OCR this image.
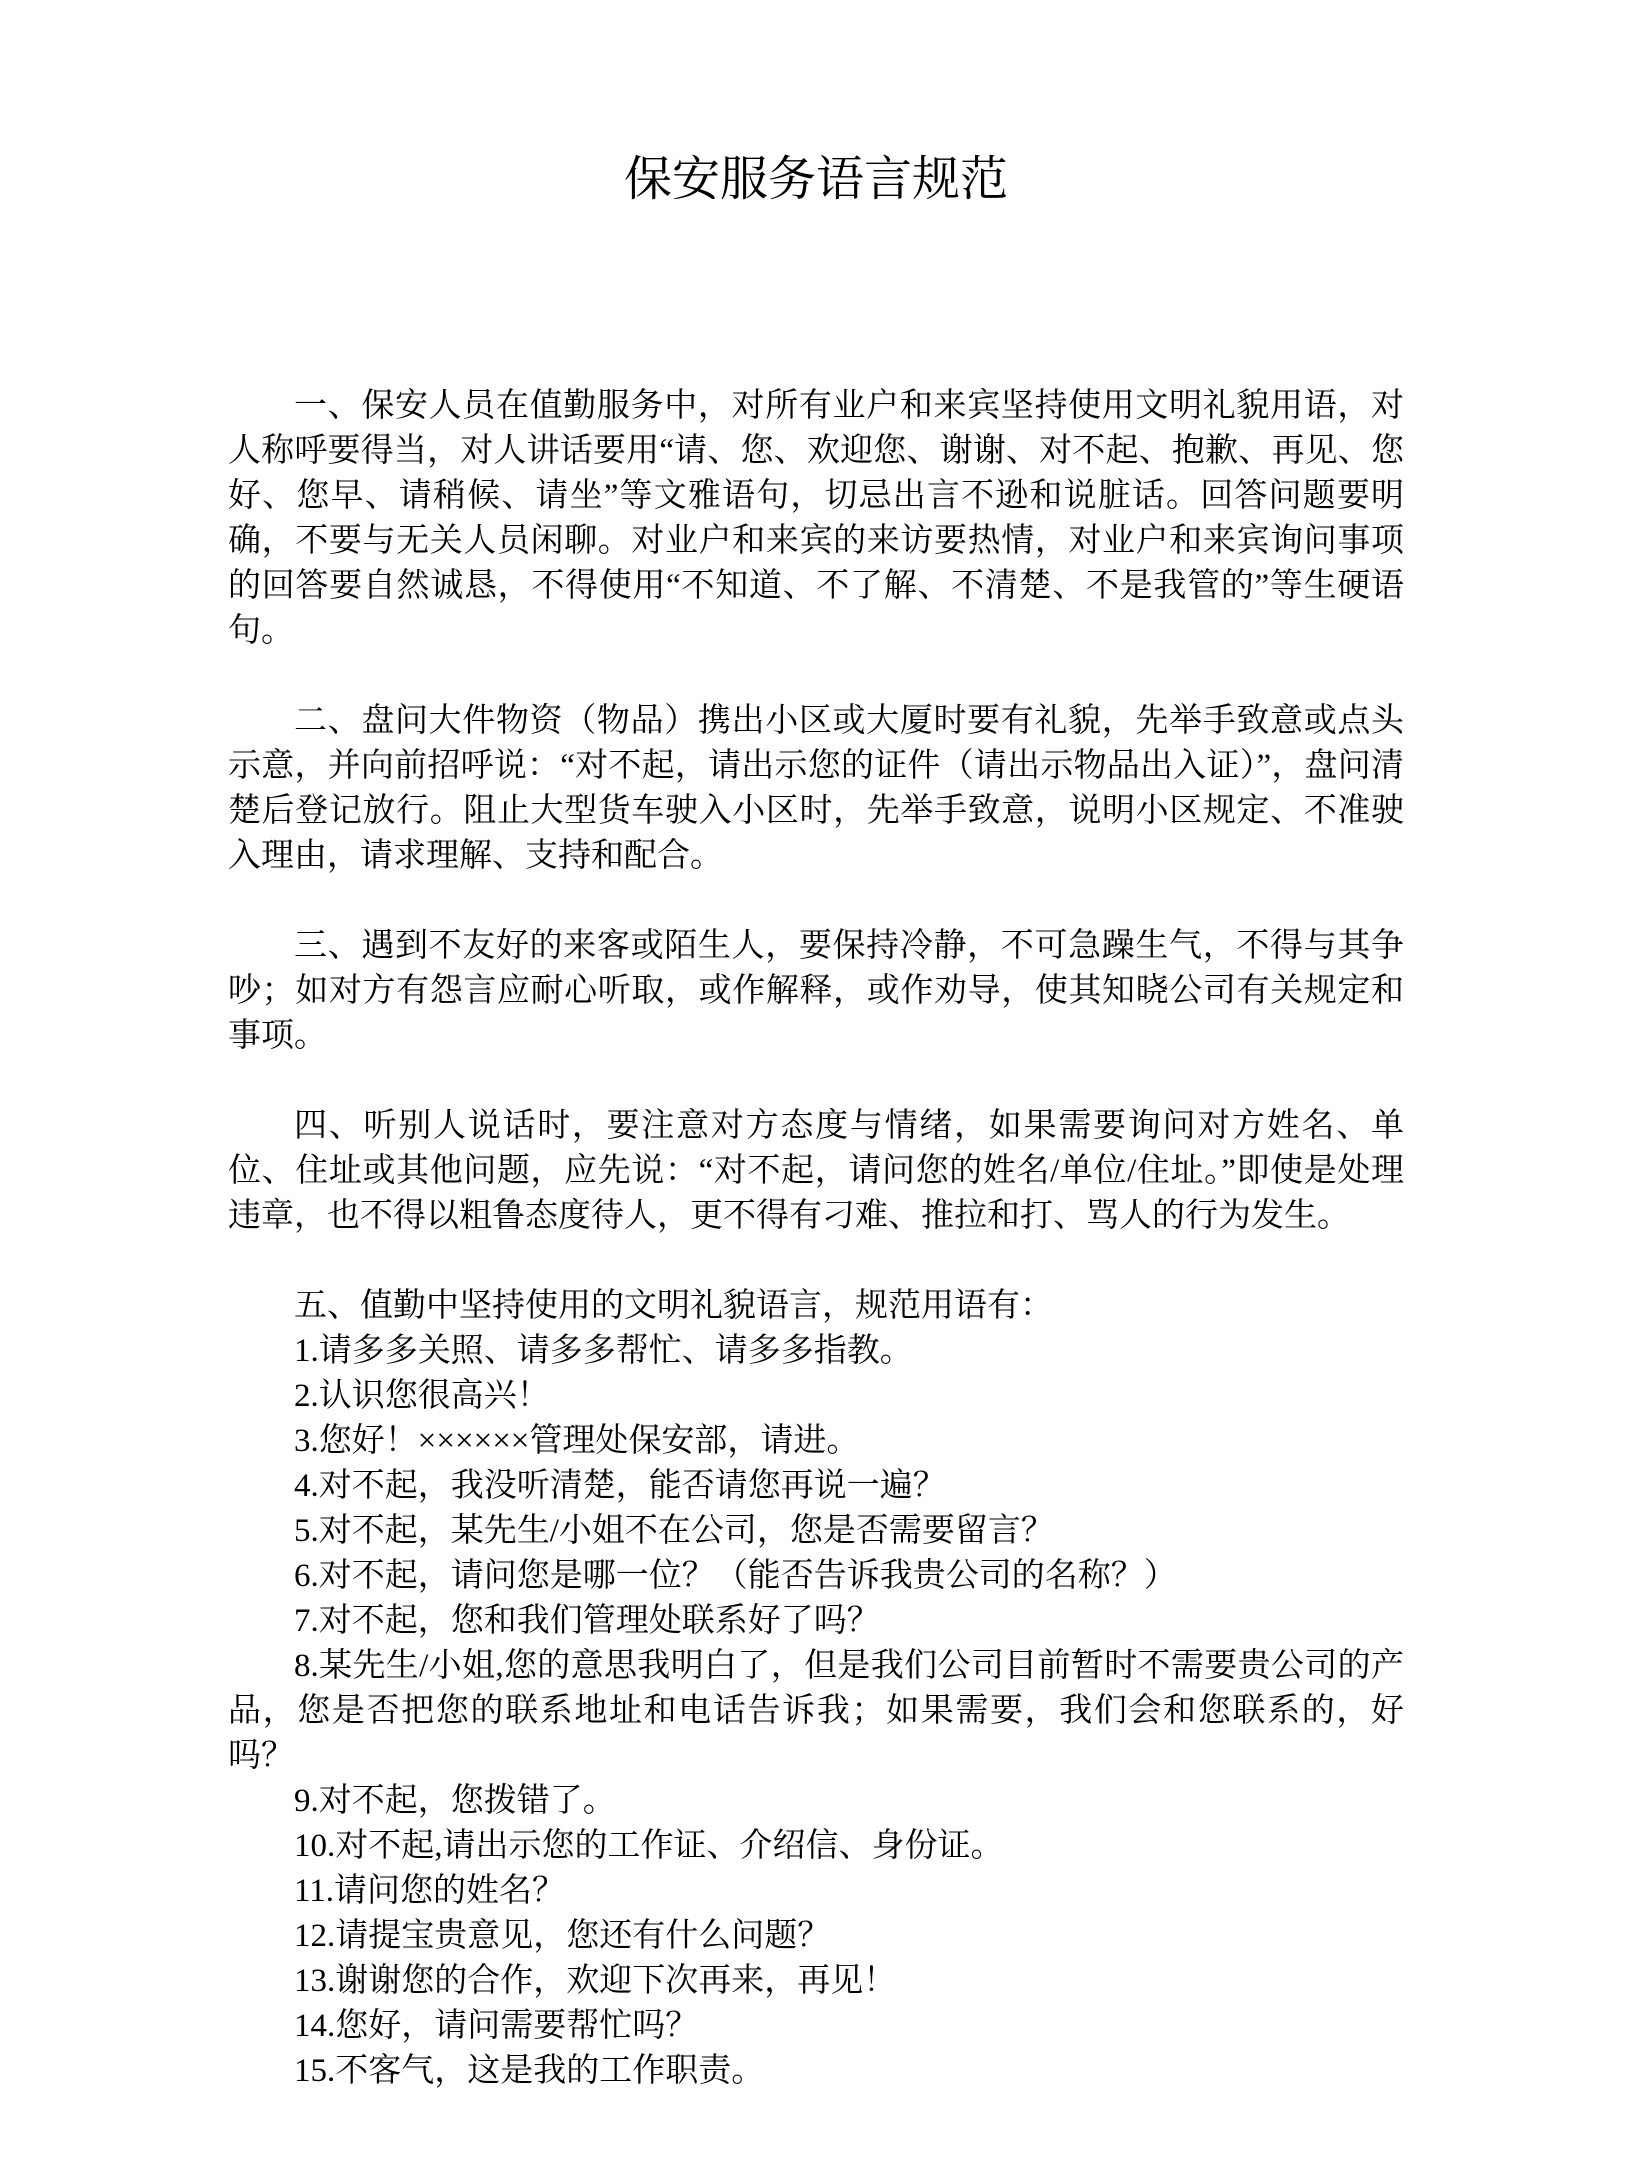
保安服务语言规范

一、保安人员在值勤服务中，对所有业户和来宾坚持使用文明礼貌用语，对人称呼要得当，对人讲话要用“请、您、欢迎您、谢谢、对不起、抱歉、再见、您好、您早、请稍候、请坐”等文雅语句，切忌出言不逊和说脏话。回答问题要明确，不要与无关人员闲聊。对业户和来宾的来访要热情，对业户和来宾询问事项的回答要自然诚恳，不得使用“不知道、不了解、不清楚、不是我管的”等生硬语句。

二、盘问大件物资（物品）携出小区或大厦时要有礼貌，先举手致意或点头示意，并向前招呼说：“对不起，请出示您的证件（请出示物品出入证）”，盘问清楚后登记放行。阻止大型货车驶入小区时，先举手致意，说明小区规定、不准驶入理由，请求理解、支持和配合。

三、遇到不友好的来客或陌生人，要保持冷静，不可急躁生气，不得与其争吵；如对方有怨言应耐心听取，或作解释，或作劝导，使其知晓公司有关规定和事项。

四、听别人说话时，要注意对方态度与情绪，如果需要询问对方姓名、单位、住址或其他问题，应先说：“对不起，请问您的姓名/单位/住址。”即使是处理违章，也不得以粗鲁态度待人，更不得有刁难、推拉和打、骂人的行为发生。

五、值勤中坚持使用的文明礼貌语言，规范用语有：

1.请多多关照、请多多帮忙、请多多指教。

2.认识您很高兴！

3.您好！××××××管理处保安部，请进。

4.对不起，我没听清楚，能否请您再说一遍？

5.对不起，某先生/小姐不在公司，您是否需要留言？

6.对不起，请问您是哪一位？（能否告诉我贵公司的名称？）

7.对不起，您和我们管理处联系好了吗？

8.某先生/小姐,您的意思我明白了，但是我们公司目前暂时不需要贵公司的产品，您是否把您的联系地址和电话告诉我；如果需要，我们会和您联系的，好吗？

9.对不起，您拨错了。

10.对不起,请出示您的工作证、介绍信、身份证。

11.请问您的姓名？

12.请提宝贵意见，您还有什么问题？

13.谢谢您的合作，欢迎下次再来，再见！

14.您好，请问需要帮忙吗？

15.不客气，这是我的工作职责。
